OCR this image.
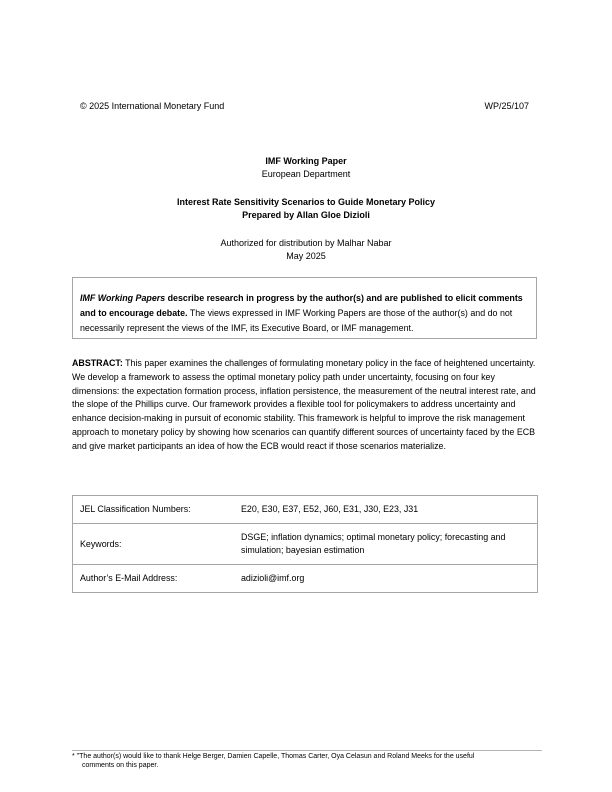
© 2025 International Monetary Fund	WP/25/107
IMF Working Paper
European Department
Interest Rate Sensitivity Scenarios to Guide Monetary Policy
Prepared by Allan Gloe Dizioli
Authorized for distribution by Malhar Nabar
May 2025
IMF Working Papers describe research in progress by the author(s) and are published to elicit comments and to encourage debate. The views expressed in IMF Working Papers are those of the author(s) and do not necessarily represent the views of the IMF, its Executive Board, or IMF management.
ABSTRACT: This paper examines the challenges of formulating monetary policy in the face of heightened uncertainty. We develop a framework to assess the optimal monetary policy path under uncertainty, focusing on four key dimensions: the expectation formation process, inflation persistence, the measurement of the neutral interest rate, and the slope of the Phillips curve. Our framework provides a flexible tool for policymakers to address uncertainty and enhance decision-making in pursuit of economic stability. This framework is helpful to improve the risk management approach to monetary policy by showing how scenarios can quantify different sources of uncertainty faced by the ECB and give market participants an idea of how the ECB would react if those scenarios materialize.
JEL Classification Numbers:	E20, E30, E37, E52, J60, E31, J30, E23, J31
Keywords:	DSGE; inflation dynamics; optimal monetary policy; forecasting and simulation; bayesian estimation
Author’s E-Mail Address:	adizioli@imf.org
* "The author(s) would like to thank Helge Berger, Damien Capelle, Thomas Carter, Oya Celasun and Roland Meeks for the useful
comments on this paper.
